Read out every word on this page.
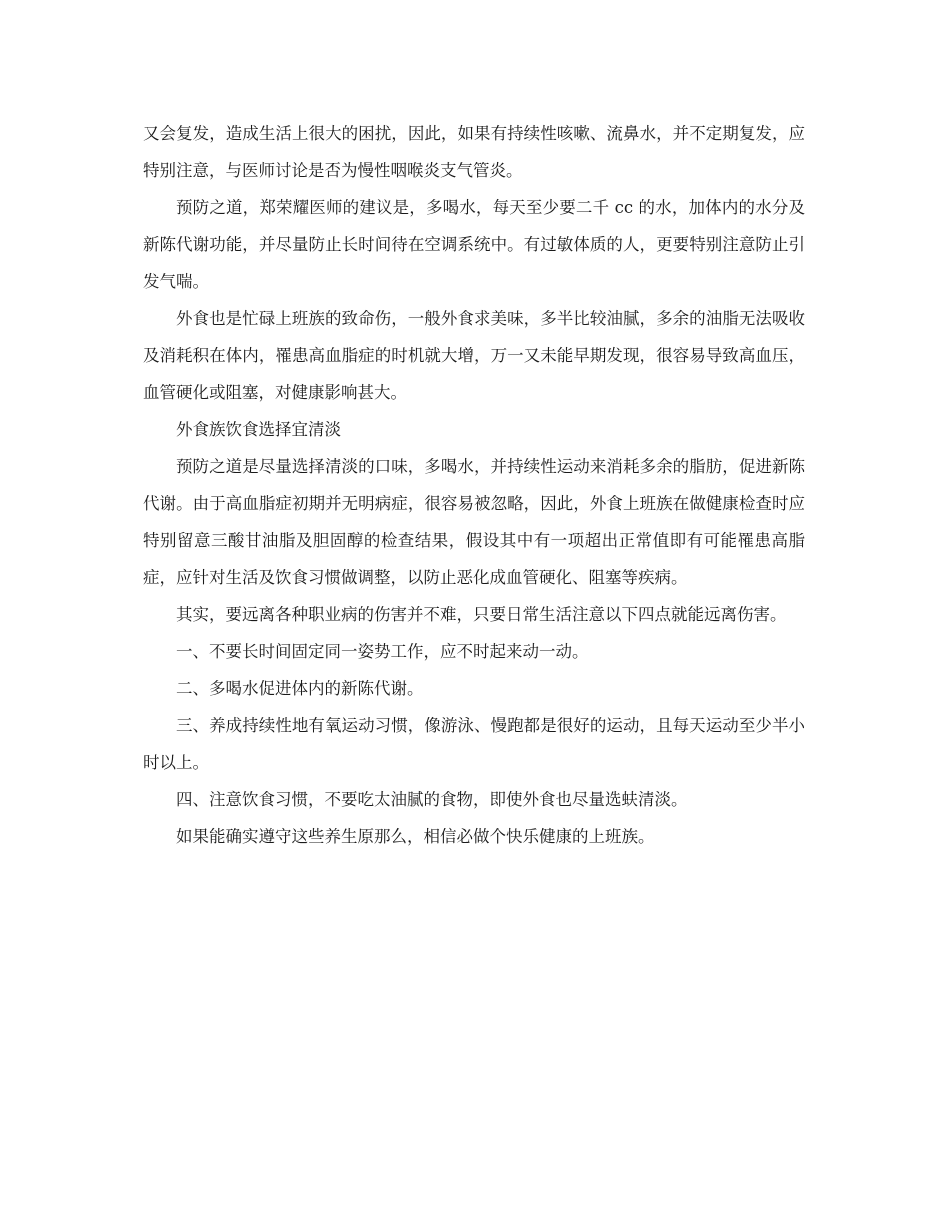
又会复发，造成生活上很大的困扰，因此，如果有持续性咳嗽、流鼻水，并不定期复发，应特别注意，与医师讨论是否为慢性咽喉炎支气管炎。

预防之道，郑荣耀医师的建议是，多喝水，每天至少要二千 cc 的水，加体内的水分及新陈代谢功能，并尽量防止长时间待在空调系统中。有过敏体质的人，更要特别注意防止引发气喘。

外食也是忙碌上班族的致命伤，一般外食求美味，多半比较油腻，多余的油脂无法吸收及消耗积在体内，罹患高血脂症的时机就大增，万一又未能早期发现，很容易导致高血压，血管硬化或阻塞，对健康影响甚大。

外食族饮食选择宜清淡

预防之道是尽量选择清淡的口味，多喝水，并持续性运动来消耗多余的脂肪，促进新陈代谢。由于高血脂症初期并无明病症，很容易被忽略，因此，外食上班族在做健康检查时应特别留意三酸甘油脂及胆固醇的检查结果，假设其中有一项超出正常值即有可能罹患高脂症，应针对生活及饮食习惯做调整，以防止恶化成血管硬化、阻塞等疾病。

其实，要远离各种职业病的伤害并不难，只要日常生活注意以下四点就能远离伤害。

一、不要长时间固定同一姿势工作，应不时起来动一动。

二、多喝水促进体内的新陈代谢。

三、养成持续性地有氧运动习惯，像游泳、慢跑都是很好的运动，且每天运动至少半小时以上。

四、注意饮食习惯，不要吃太油腻的食物，即使外食也尽量选蚨清淡。

如果能确实遵守这些养生原那么，相信必做个快乐健康的上班族。
